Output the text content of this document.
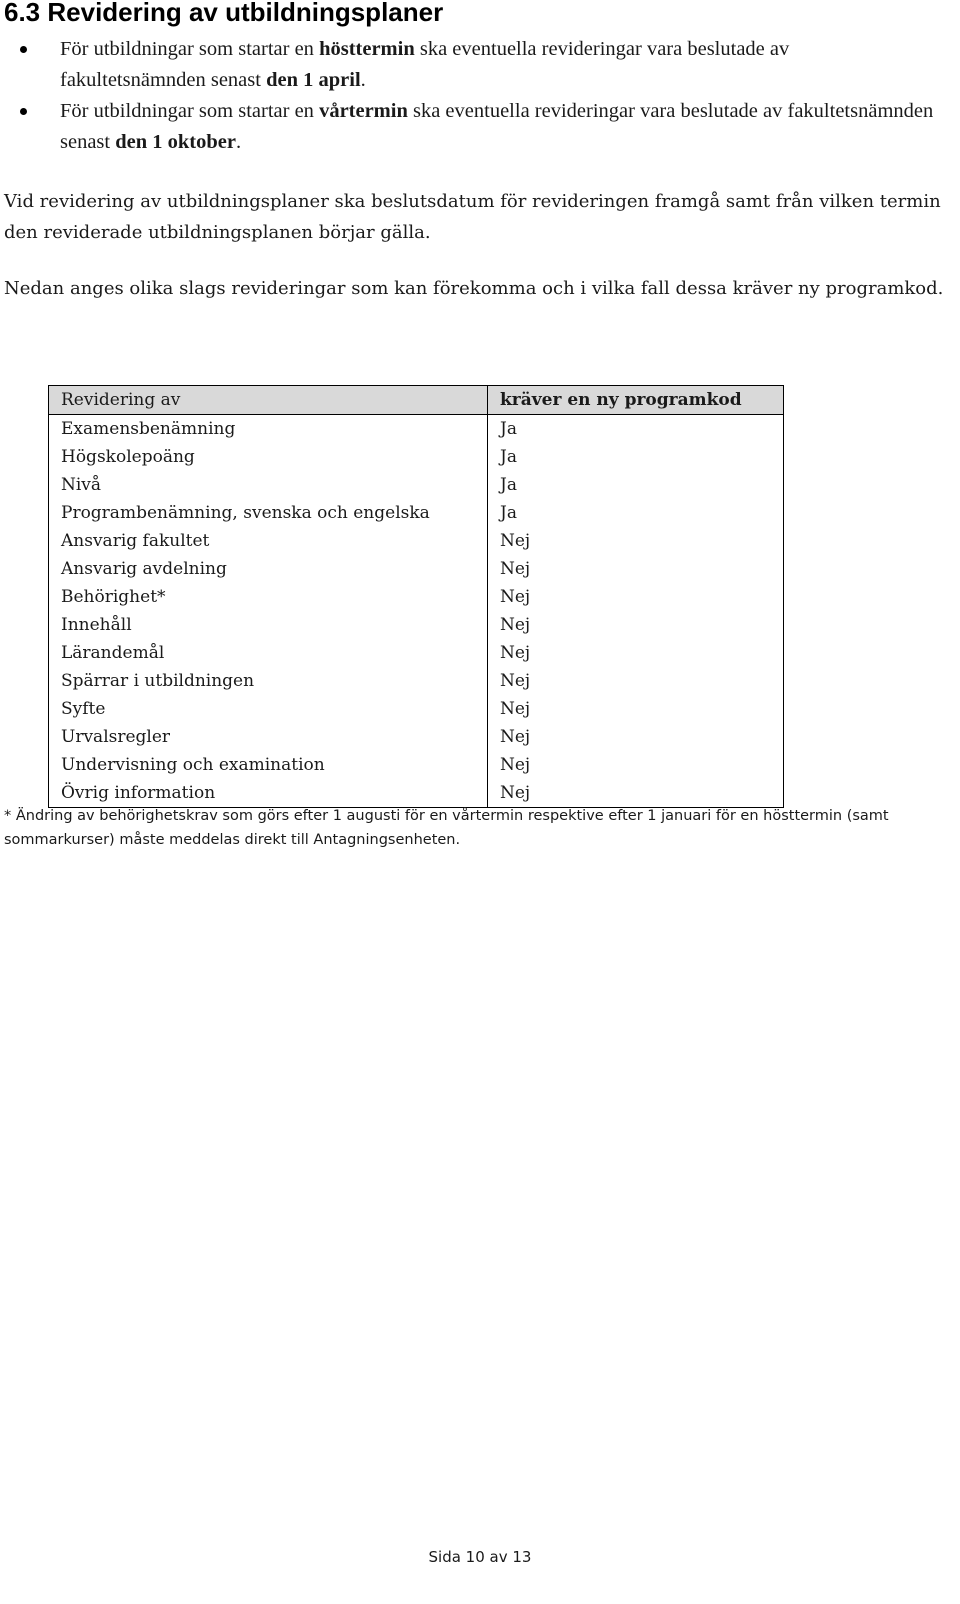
6.3 Revidering av utbildningsplaner
För utbildningar som startar en hösttermin ska eventuella revideringar vara beslutade av fakultetsnämnden senast den 1 april.
För utbildningar som startar en vårtermin ska eventuella revideringar vara beslutade av fakultetsnämnden senast den 1 oktober.

Vid revidering av utbildningsplaner ska beslutsdatum för revideringen framgå samt från vilken termin den reviderade utbildningsplanen börjar gälla.

Nedan anges olika slags revideringar som kan förekomma och i vilka fall dessa kräver ny programkod.

Revidering av	kräver en ny programkod
Examensbenämning	Ja
Högskolepoäng	Ja
Nivå	Ja
Programbenämning, svenska och engelska	Ja
Ansvarig fakultet	Nej
Ansvarig avdelning	Nej
Behörighet*	Nej
Innehåll	Nej
Lärandemål	Nej
Spärrar i utbildningen	Nej
Syfte	Nej
Urvalsregler	Nej
Undervisning och examination	Nej
Övrig information	Nej

* Ändring av behörighetskrav som görs efter 1 augusti för en vårtermin respektive efter 1 januari för en hösttermin (samt sommarkurser) måste meddelas direkt till Antagningsenheten.

Sida 10 av 13
